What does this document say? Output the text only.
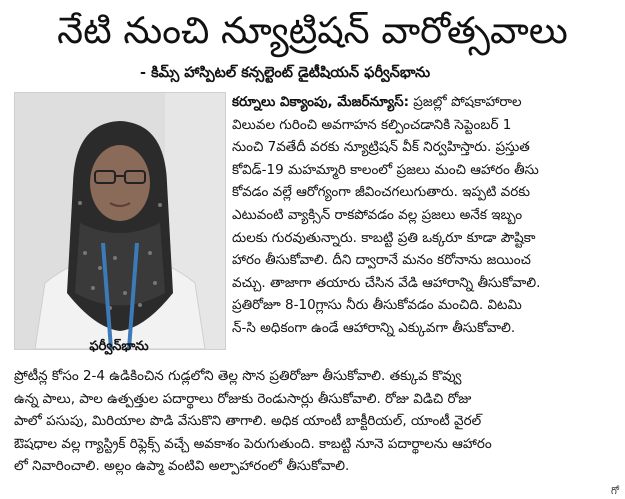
నేటి నుంచి న్యూట్రిషన్ వారోత్సవాలు
- కిమ్స్ హాస్పిటల్ కన్సల్టెంట్ డైటీషియన్ ఫర్వీన్‌భాను
ఫర్వీన్‌భాను
కర్నూలు విక్యాంపు, మేజర్‌న్యూస్‌: ప్రజల్లో పోషకాహారాల
విలువల గురించి అవగాహన కల్పించడానికి సెప్టెంబర్ 1
నుంచి 7వతేదీ వరకు న్యూట్రిషన్ వీక్ నిర్వహిస్తారు. ప్రస్తుత
కోవిడ్-19 మహమ్మారి కాలంలో ప్రజలు మంచి ఆహారం తీసు
కోవడం వల్లే ఆరోగ్యంగా జీవించగలుగుతారు. ఇప్పటి వరకు
ఎటువంటి వ్యాక్సిన్ రాకపోవడం వల్ల ప్రజలు అనేక ఇబ్బం
దులకు గురవుతున్నారు. కాబట్టి ప్రతి ఒక్కరూ కూడా పౌష్టికా
హారం తీసుకోవాలి. దీని ద్వారానే మనం కరోనాను జయించ
వచ్చు. తాజాగా తయారు చేసిన వేడి ఆహారాన్ని తీసుకోవాలి.
ప్రతిరోజూ 8-10గ్లాసు నీరు తీసుకోవడం మంచిది. విటమి
న్-సి అధికంగా ఉండే ఆహారాన్ని ఎక్కువగా తీసుకోవాలి.
ప్రోటీన్ల కోసం 2-4 ఉడికించిన గుడ్లలోని తెల్ల సొన ప్రతిరోజూ తీసుకోవాలి. తక్కువ కొవ్వు
ఉన్న పాలు, పాల ఉత్పత్తుల పదార్థాలు రోజుకు రెండుసార్లు తీసుకోవాలి. రోజు విడిచి రోజు
పాలో పసుపు, మిరియాల పొడి వేసుకొని తాగాలి. అధిక యాంటీ బాక్టీరియల్, యాంటీ వైరల్
ఔషధాల వల్ల గ్యాస్ట్రిక్ రిఫ్లెక్స్ వచ్చే అవకాశం పెరుగుతుంది. కాబట్టి నూనె పదార్థాలను ఆహారం
లో నివారించాలి. అల్లం ఉప్మా వంటివి అల్పాహారంలో తీసుకోవాలి.
గో
